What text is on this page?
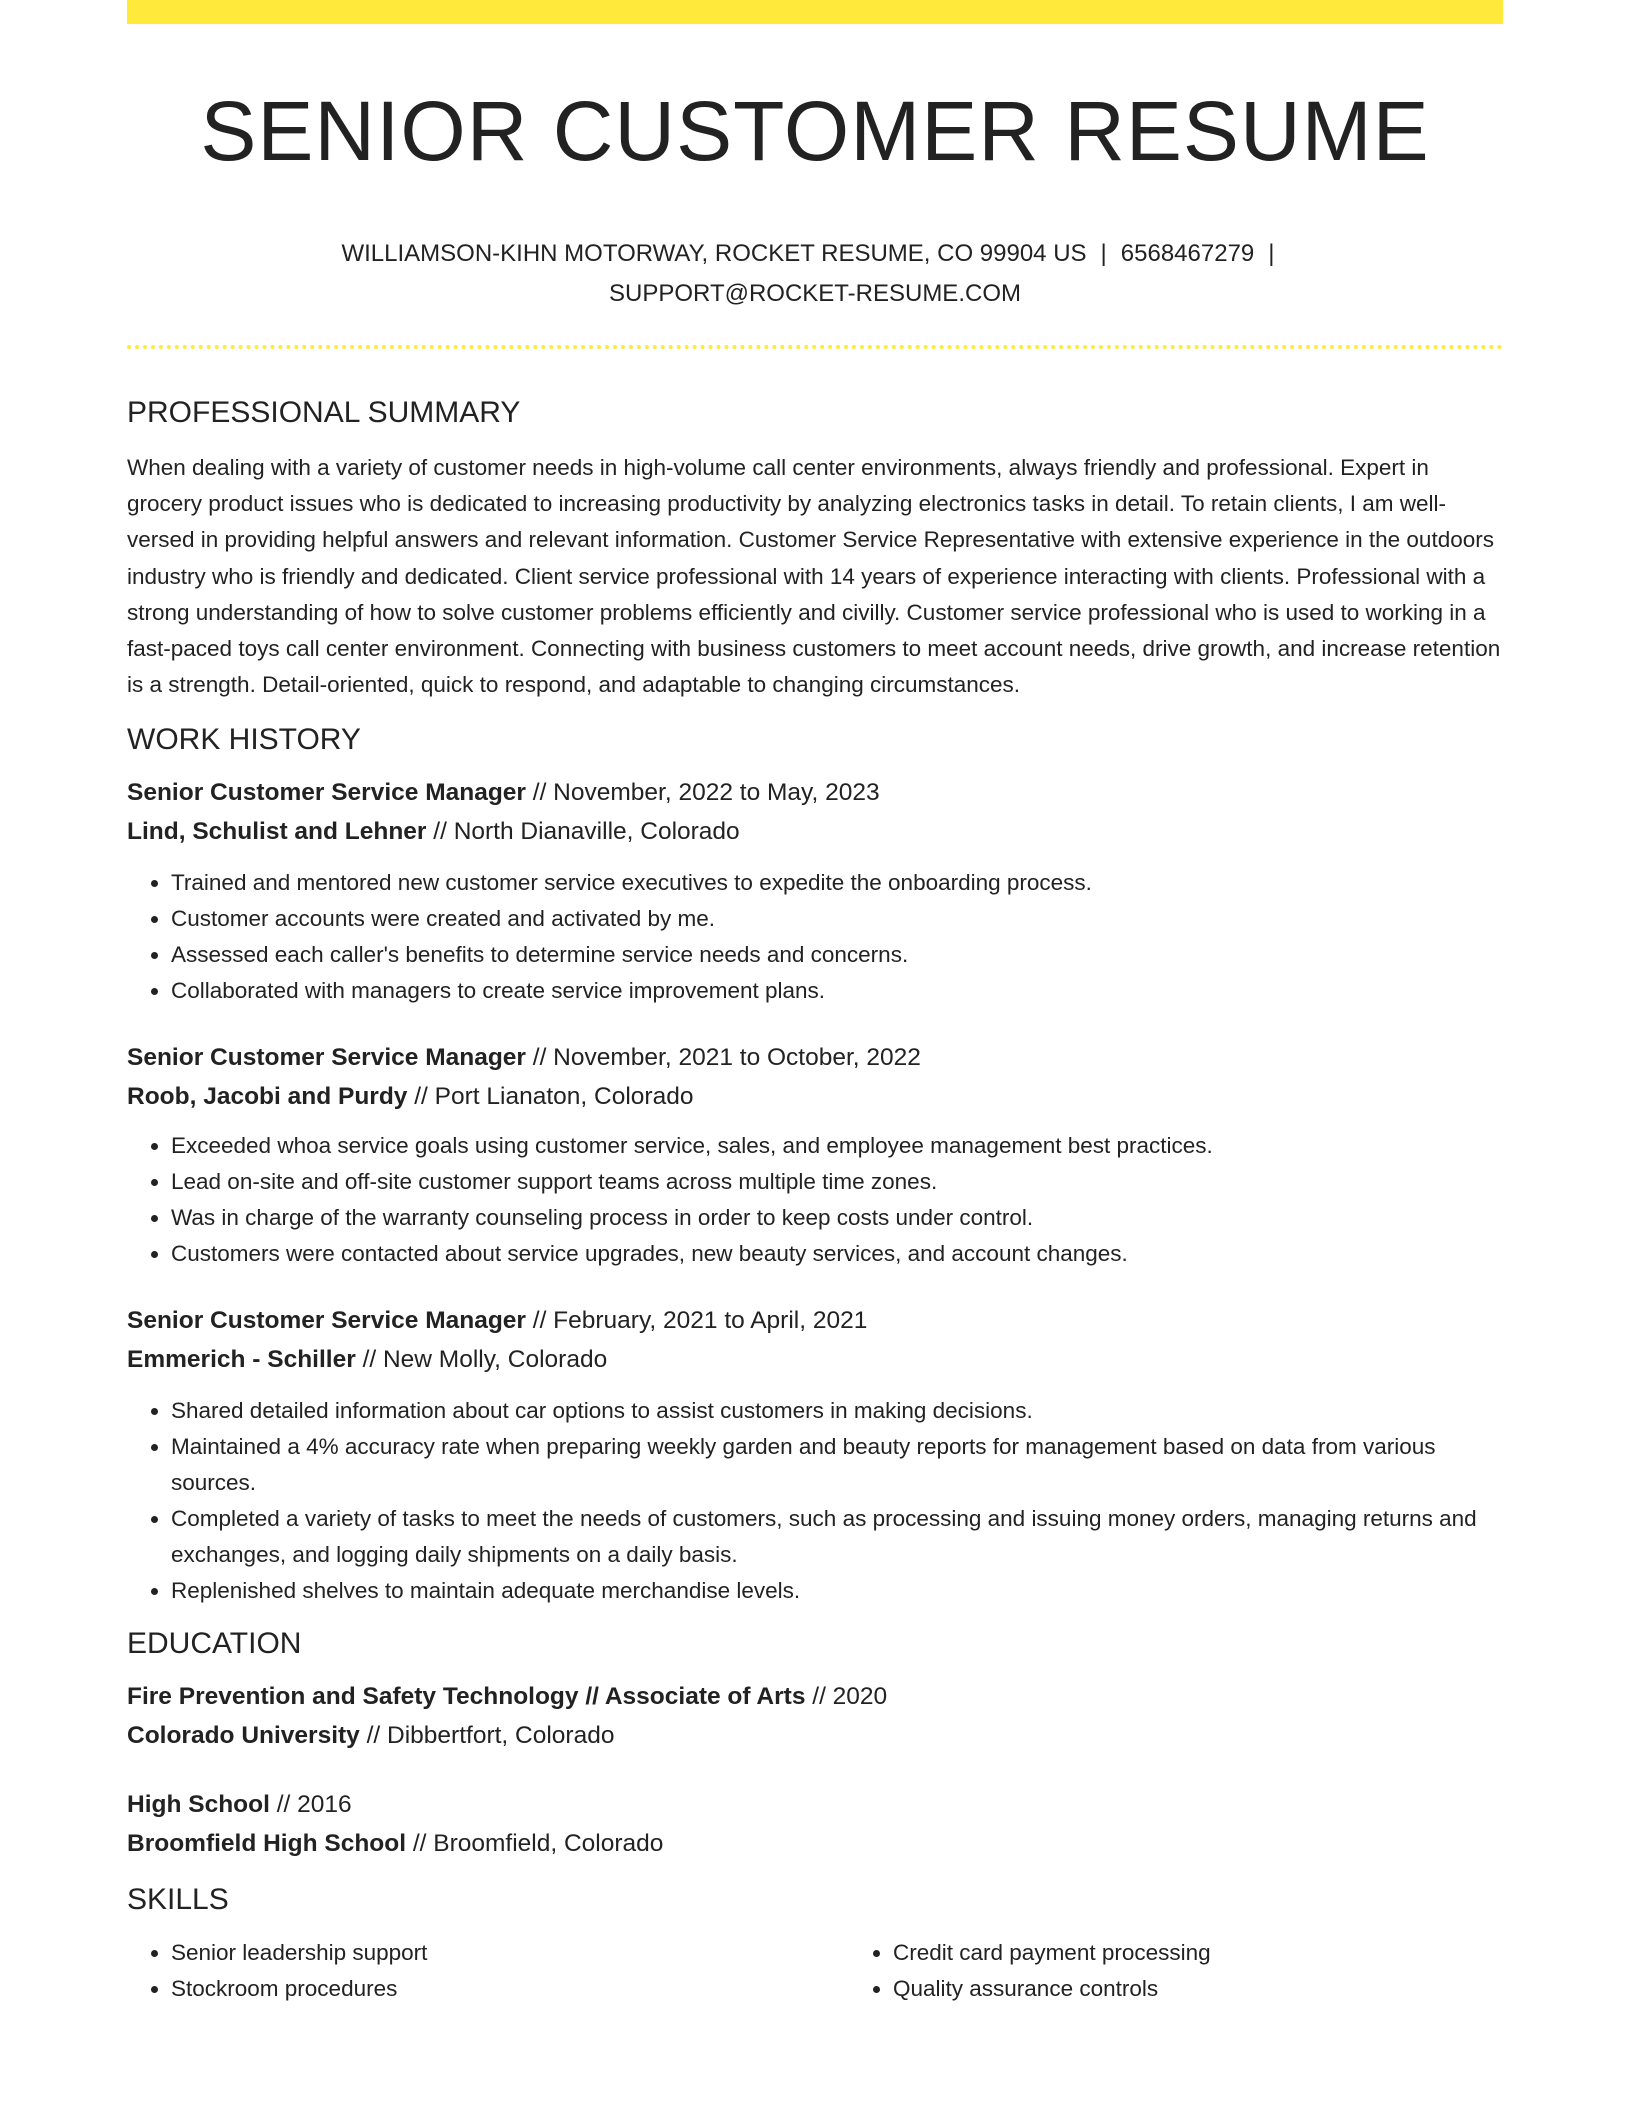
SENIOR CUSTOMER RESUME
WILLIAMSON-KIHN MOTORWAY, ROCKET RESUME, CO 99904 US | 6568467279 |
SUPPORT@ROCKET-RESUME.COM
PROFESSIONAL SUMMARY

When dealing with a variety of customer needs in high-volume call center environments, always friendly and professional. Expert in grocery product issues who is dedicated to increasing productivity by analyzing electronics tasks in detail. To retain clients, I am well-versed in providing helpful answers and relevant information. Customer Service Representative with extensive experience in the outdoors industry who is friendly and dedicated. Client service professional with 14 years of experience interacting with clients. Professional with a strong understanding of how to solve customer problems efficiently and civilly. Customer service professional who is used to working in a fast-paced toys call center environment. Connecting with business customers to meet account needs, drive growth, and increase retention is a strength. Detail-oriented, quick to respond, and adaptable to changing circumstances.

WORK HISTORY
Senior Customer Service Manager // November, 2022 to May, 2023
Lind, Schulist and Lehner // North Dianaville, Colorado
• Trained and mentored new customer service executives to expedite the onboarding process.
• Customer accounts were created and activated by me.
• Assessed each caller's benefits to determine service needs and concerns.
• Collaborated with managers to create service improvement plans.
Senior Customer Service Manager // November, 2021 to October, 2022
Roob, Jacobi and Purdy // Port Lianaton, Colorado
• Exceeded whoa service goals using customer service, sales, and employee management best practices.
• Lead on-site and off-site customer support teams across multiple time zones.
• Was in charge of the warranty counseling process in order to keep costs under control.
• Customers were contacted about service upgrades, new beauty services, and account changes.
Senior Customer Service Manager // February, 2021 to April, 2021
Emmerich - Schiller // New Molly, Colorado
• Shared detailed information about car options to assist customers in making decisions.
• Maintained a 4% accuracy rate when preparing weekly garden and beauty reports for management based on data from various sources.
• Completed a variety of tasks to meet the needs of customers, such as processing and issuing money orders, managing returns and exchanges, and logging daily shipments on a daily basis.
• Replenished shelves to maintain adequate merchandise levels.
EDUCATION
Fire Prevention and Safety Technology // Associate of Arts // 2020
Colorado University // Dibbertfort, Colorado
High School // 2016
Broomfield High School // Broomfield, Colorado
SKILLS
• Senior leadership support
• Stockroom procedures
• Credit card payment processing
• Quality assurance controls
